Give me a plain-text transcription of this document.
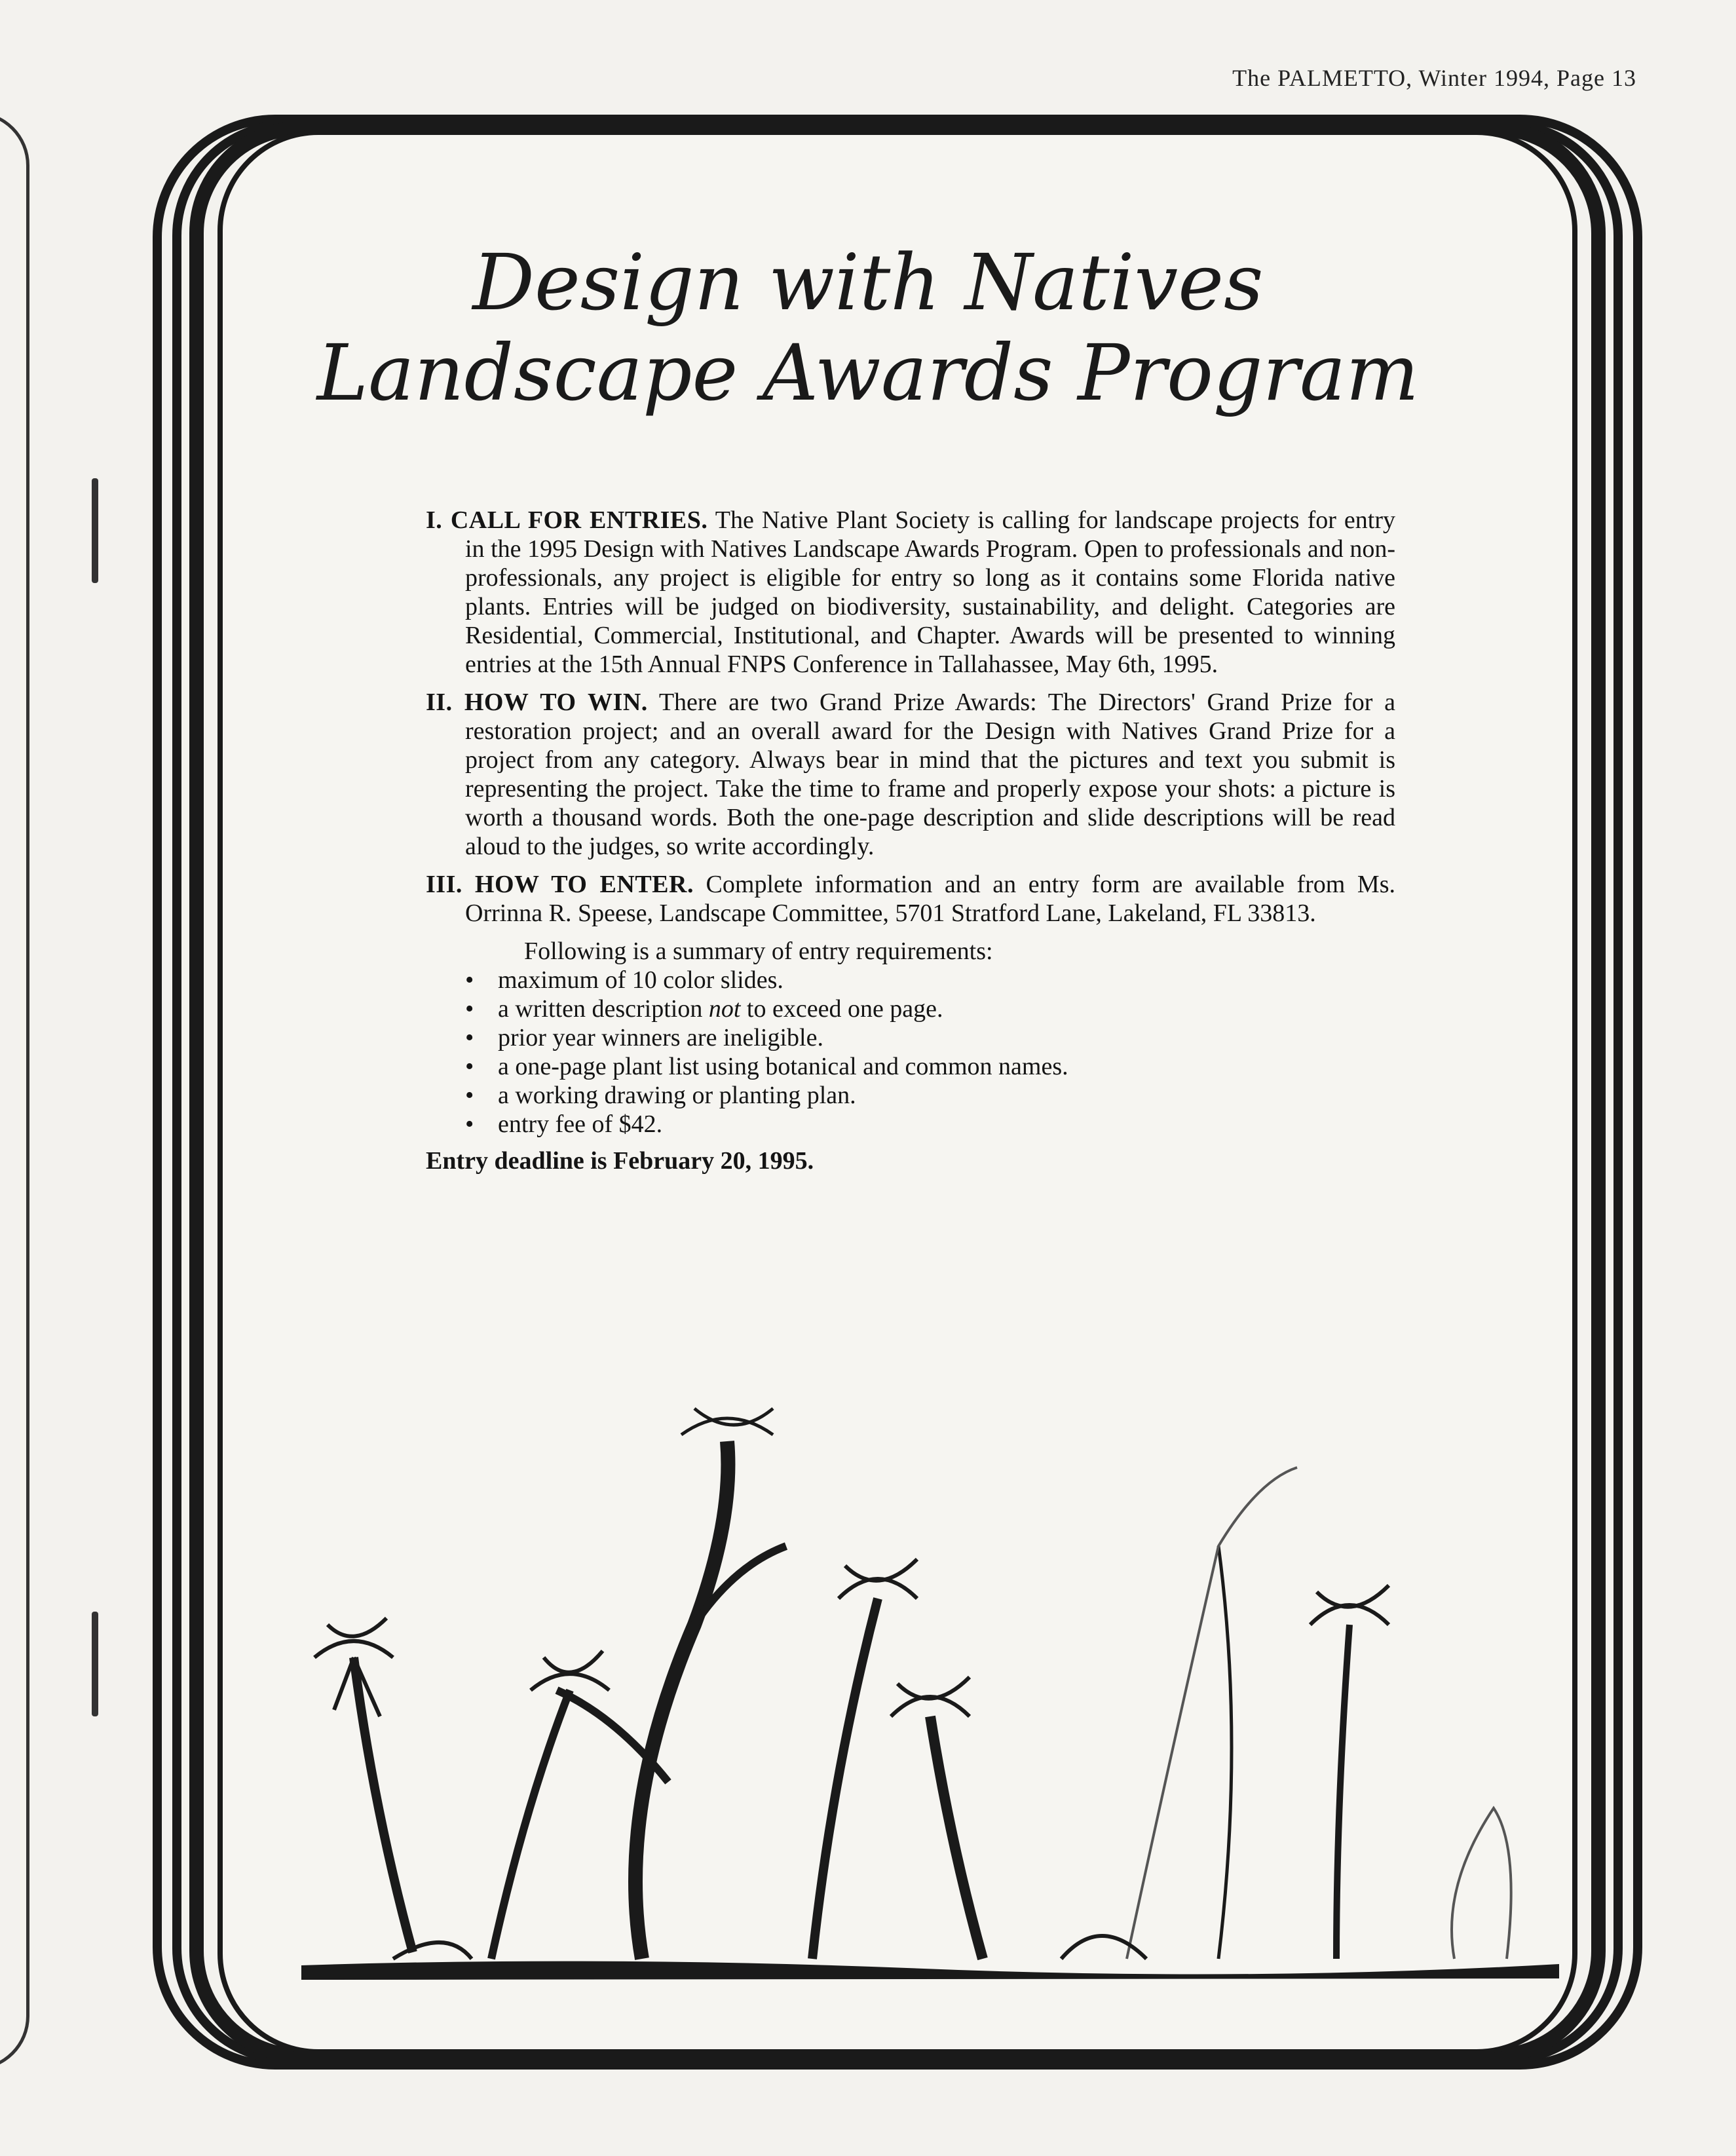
The PALMETTO, Winter 1994, Page 13
Design with Natives
Landscape Awards Program

I. CALL FOR ENTRIES. The Native Plant Society is calling for landscape projects for entry in the 1995 Design with Natives Landscape Awards Program. Open to professionals and non-professionals, any project is eligible for entry so long as it contains some Florida native plants. Entries will be judged on biodiversity, sustainability, and delight. Categories are Residential, Commercial, Institutional, and Chapter. Awards will be presented to winning entries at the 15th Annual FNPS Conference in Tallahassee, May 6th, 1995.

II. HOW TO WIN. There are two Grand Prize Awards: The Directors' Grand Prize for a restoration project; and an overall award for the Design with Natives Grand Prize for a project from any category. Always bear in mind that the pictures and text you submit is representing the project. Take the time to frame and properly expose your shots: a picture is worth a thousand words. Both the one-page description and slide descriptions will be read aloud to the judges, so write accordingly.

III. HOW TO ENTER. Complete information and an entry form are available from Ms. Orrinna R. Speese, Landscape Committee, 5701 Stratford Lane, Lakeland, FL 33813.

Following is a summary of entry requirements:

• maximum of 10 color slides.
• a written description not to exceed one page.
• prior year winners are ineligible.
• a one-page plant list using botanical and common names.
• a working drawing or planting plan.
• entry fee of $42.
Entry deadline is February 20, 1995.
